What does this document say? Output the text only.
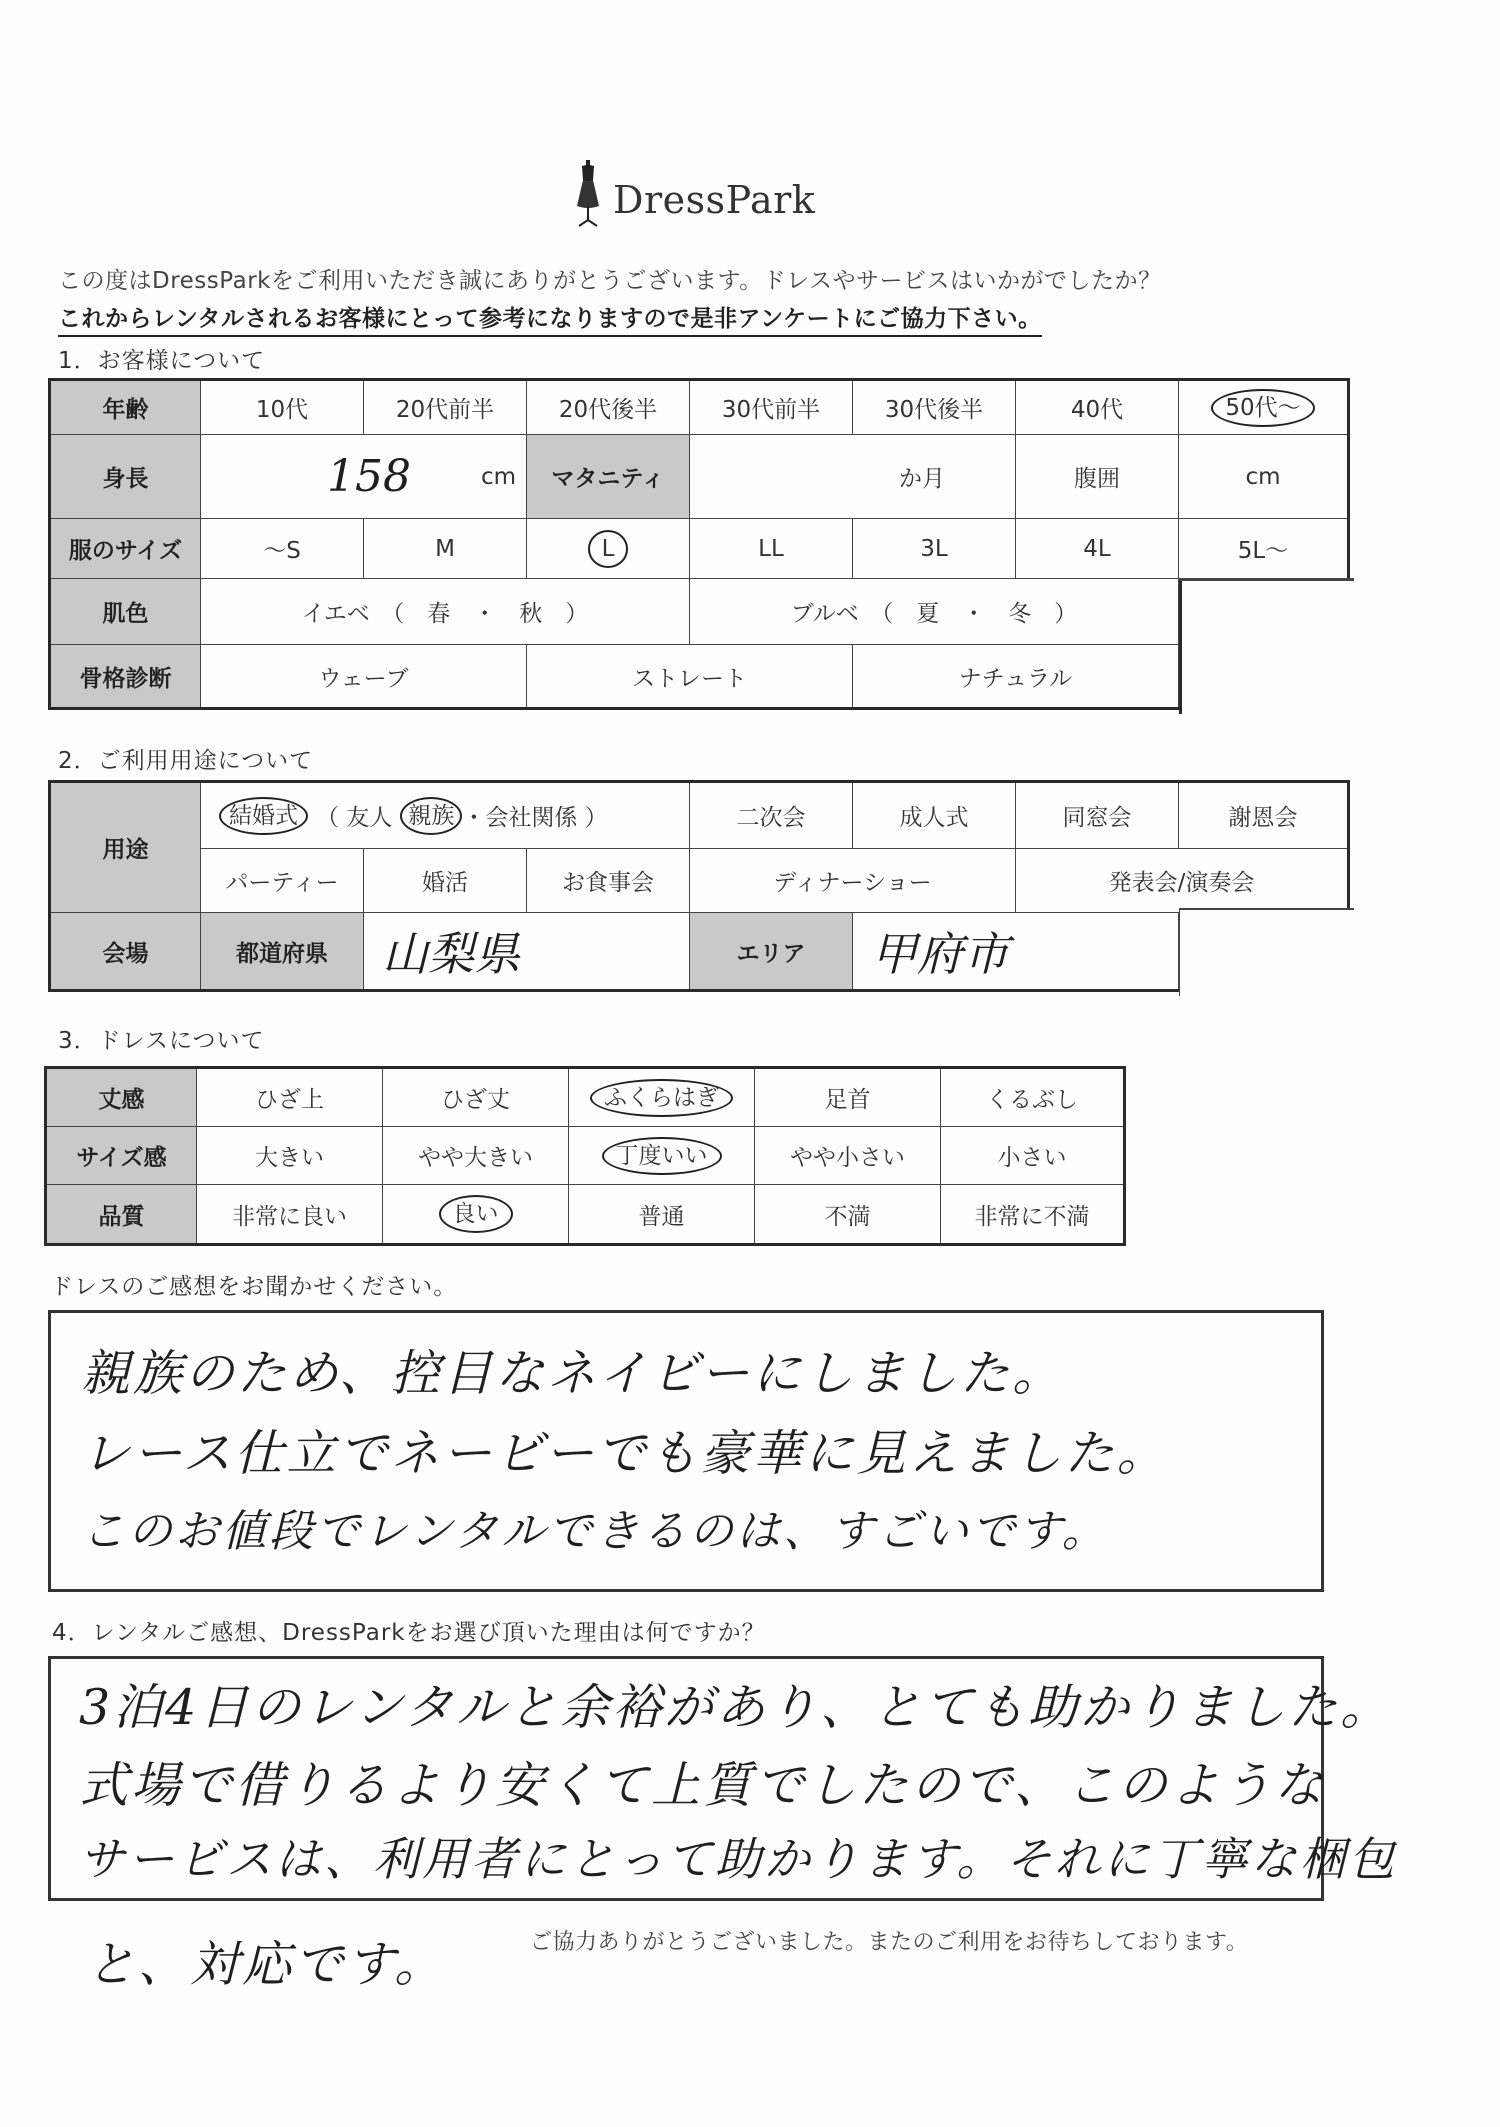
DressPark
この度はDressParkをご利用いただき誠にありがとうございます。ドレスやサービスはいかがでしたか？
これからレンタルされるお客様にとって参考になりますので是非アンケートにご協力下さい。
1．お客様について
年齢	10代	20代前半	20代後半	30代前半	30代後半	40代	50代～
身長	158	cm	マタニティ	か月	腹囲	cm
服のサイズ	～S	M	L	LL	3L	4L	5L～
肌色	イエベ　（　春　・　秋　）	ブルベ　（　夏　・　冬　）
骨格診断	ウェーブ	ストレート	ナチュラル
2．ご利用用途について
用途
結婚式 （ 友人 親族 ・会社関係 ）	二次会	成人式	同窓会	謝恩会
パーティー	婚活	お食事会	ディナーショー	発表会/演奏会
会場	都道府県	山梨県	エリア	甲府市
3．ドレスについて
丈感	ひざ上	ひざ丈	ふくらはぎ	足首	くるぶし
サイズ感	大きい	やや大きい	丁度いい	やや小さい	小さい
品質	非常に良い	良い	普通	不満	非常に不満
ドレスのご感想をお聞かせください。
親族のため、控目なネイビーにしました。
レース仕立でネービーでも豪華に見えました。
このお値段でレンタルできるのは、すごいです。
4．レンタルご感想、DressParkをお選び頂いた理由は何ですか？
3泊4日のレンタルと余裕があり、とても助かりました。
式場で借りるより安くて上質でしたので、このような
サービスは、利用者にとって助かります。それに丁寧な梱包
と、対応です。	ご協力ありがとうございました。またのご利用をお待ちしております。
